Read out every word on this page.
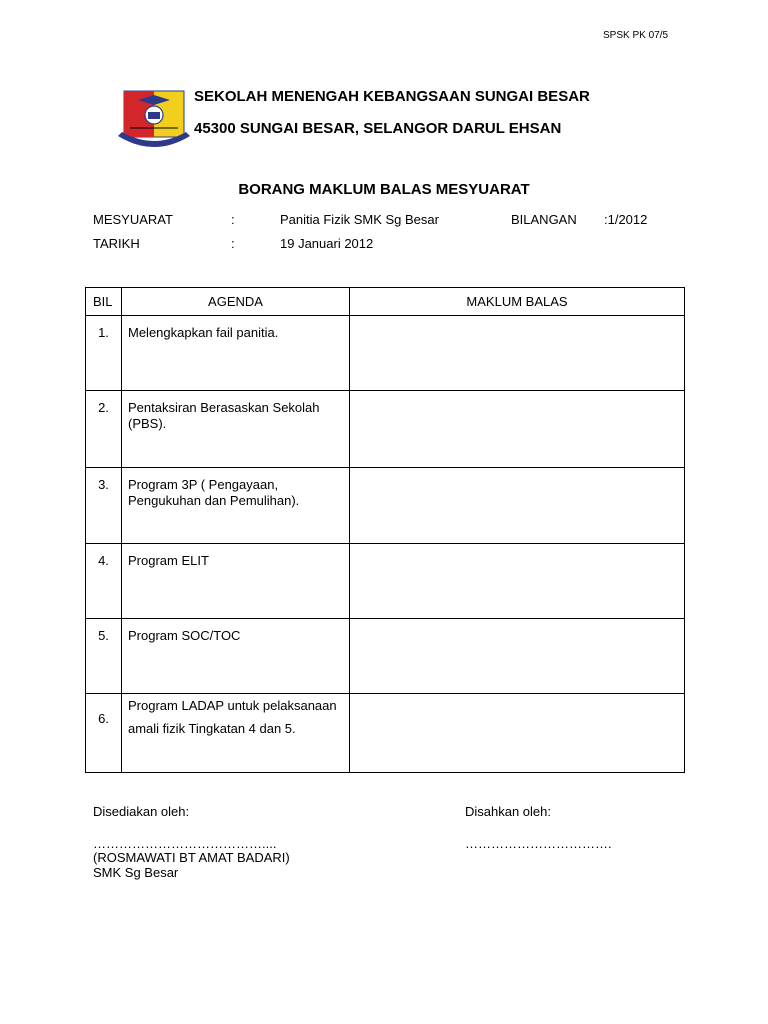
SPSK PK 07/5
SEKOLAH MENENGAH KEBANGSAAN SUNGAI BESAR
45300 SUNGAI BESAR, SELANGOR DARUL EHSAN
BORANG MAKLUM BALAS MESYUARAT
MESYUARAT	:	Panitia Fizik SMK Sg Besar	BILANGAN :1/2012
TARIKH	:	19 Januari 2012
BIL	AGENDA	MAKLUM BALAS
1.	Melengkapkan fail panitia.	
2.	Pentaksiran Berasaskan Sekolah (PBS).	
3.	Program 3P ( Pengayaan, Pengukuhan dan Pemulihan).	
4.	Program ELIT	
5.	Program SOC/TOC	
6.	Program LADAP untuk pelaksanaan amali fizik Tingkatan 4 dan 5.	
Disediakan oleh:
…………………………………....
(ROSMAWATI BT AMAT BADARI)
SMK Sg Besar
Disahkan oleh:
…………………………….
